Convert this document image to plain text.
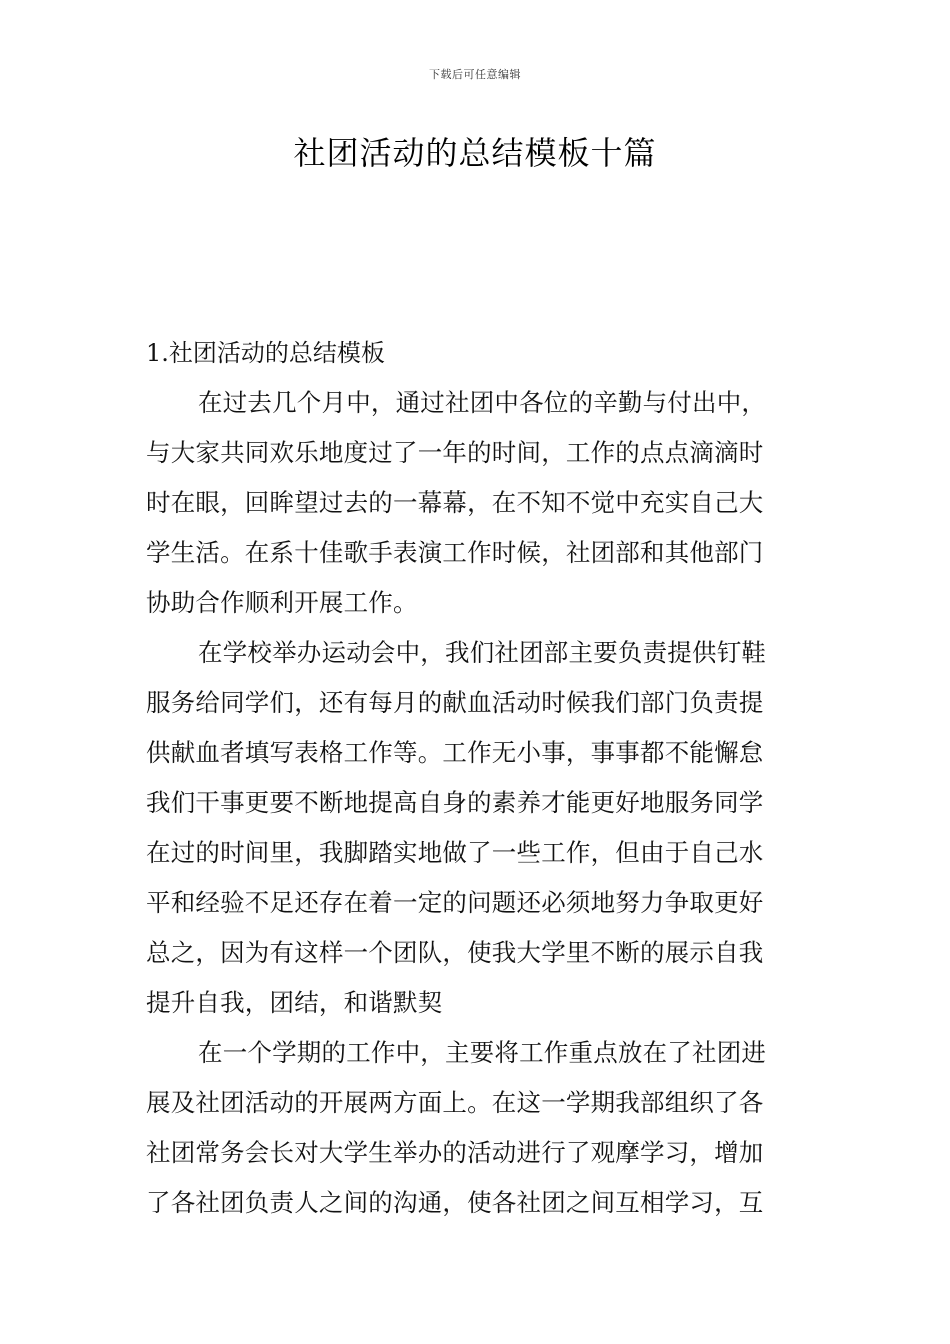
下载后可任意编辑
社团活动的总结模板十篇
1.社团活动的总结模板
在过去几个月中，通过社团中各位的辛勤与付出中，
与大家共同欢乐地度过了一年的时间，工作的点点滴滴时
时在眼，回眸望过去的一幕幕，在不知不觉中充实自己大
学生活。在系十佳歌手表演工作时候，社团部和其他部门
协助合作顺利开展工作。
在学校举办运动会中，我们社团部主要负责提供钉鞋
服务给同学们，还有每月的献血活动时候我们部门负责提
供献血者填写表格工作等。工作无小事，事事都不能懈怠
我们干事更要不断地提高自身的素养才能更好地服务同学
在过的时间里，我脚踏实地做了一些工作，但由于自己水
平和经验不足还存在着一定的问题还必须地努力争取更好
总之，因为有这样一个团队，使我大学里不断的展示自我
提升自我，团结，和谐默契
在一个学期的工作中，主要将工作重点放在了社团进
展及社团活动的开展两方面上。在这一学期我部组织了各
社团常务会长对大学生举办的活动进行了观摩学习，增加
了各社团负责人之间的沟通，使各社团之间互相学习，互
